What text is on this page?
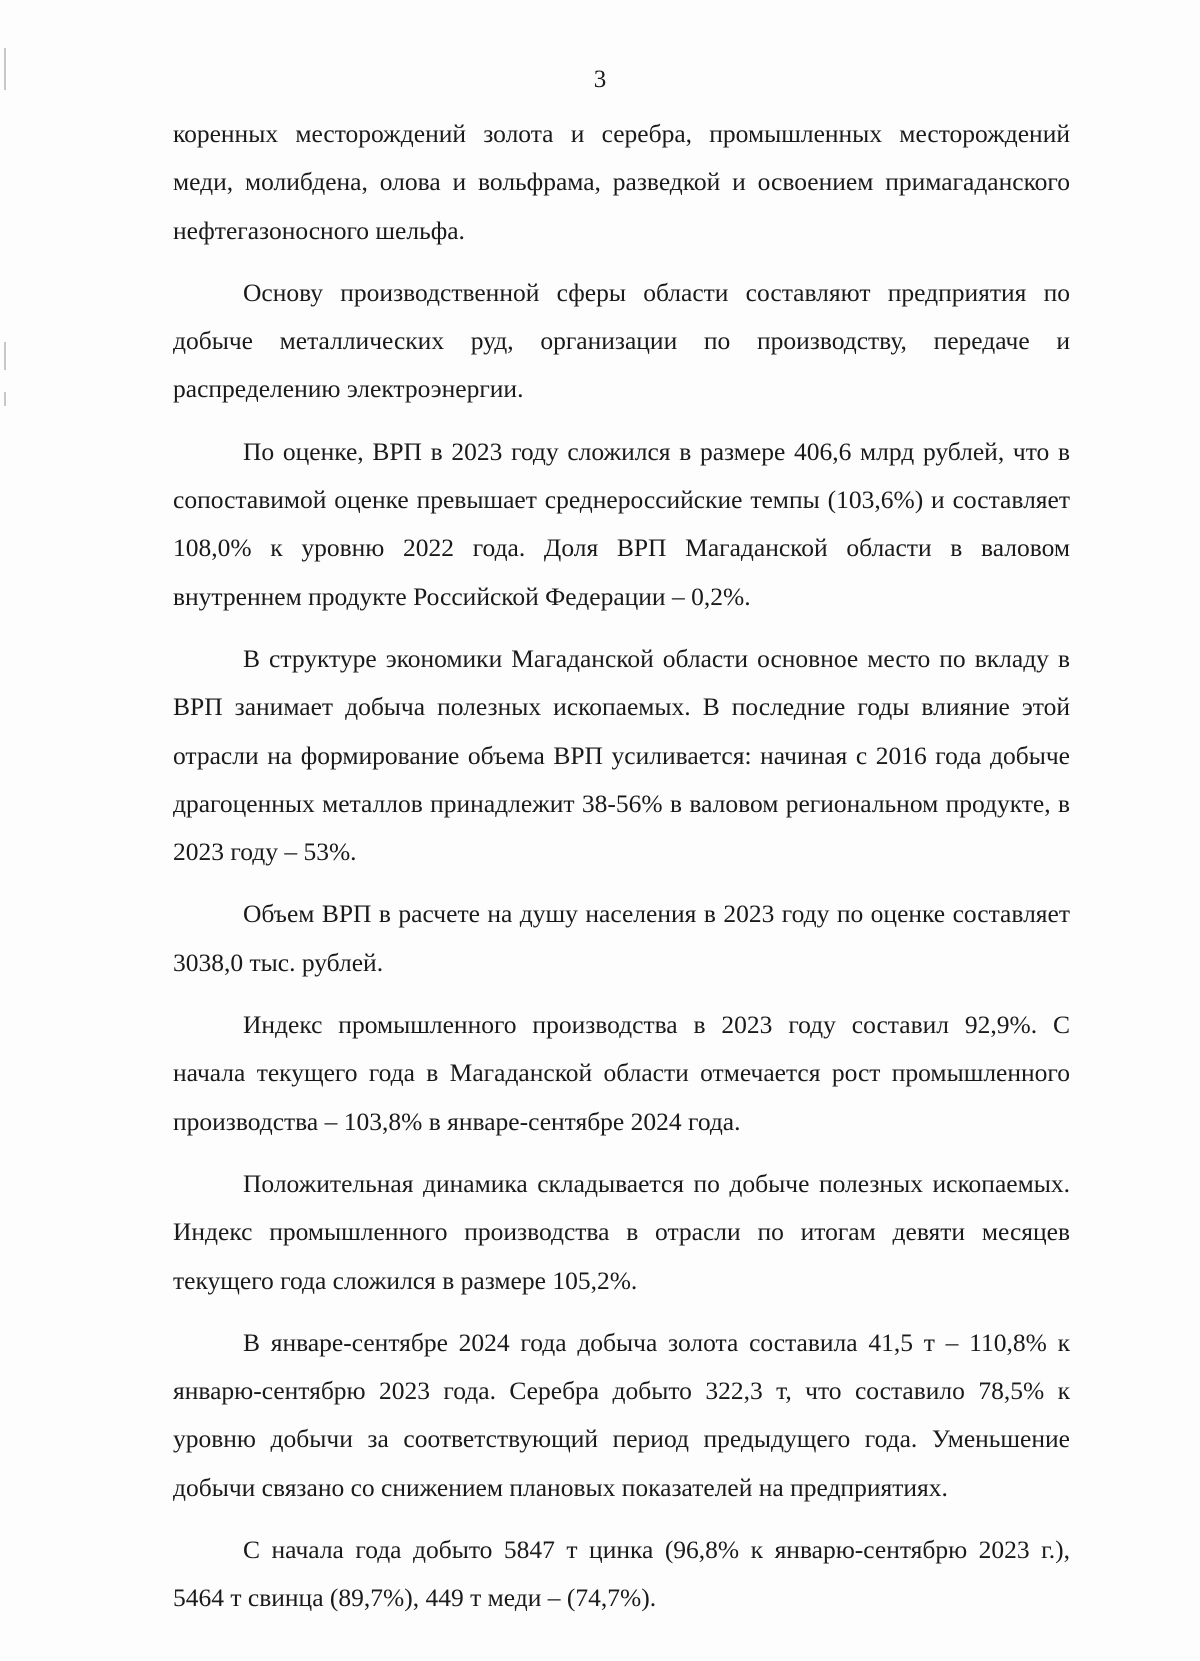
3

коренных месторождений золота и серебра, промышленных месторождений меди, молибдена, олова и вольфрама, разведкой и освоением примагаданского нефтегазоносного шельфа.

Основу производственной сферы области составляют предприятия по добыче металлических руд, организации по производству, передаче и распределению электроэнергии.

По оценке, ВРП в 2023 году сложился в размере 406,6 млрд рублей, что в сопоставимой оценке превышает среднероссийские темпы (103,6%) и составляет 108,0% к уровню 2022 года. Доля ВРП Магаданской области в валовом внутреннем продукте Российской Федерации – 0,2%.

В структуре экономики Магаданской области основное место по вкладу в ВРП занимает добыча полезных ископаемых. В последние годы влияние этой отрасли на формирование объема ВРП усиливается: начиная с 2016 года добыче драгоценных металлов принадлежит 38-56% в валовом региональном продукте, в 2023 году – 53%.

Объем ВРП в расчете на душу населения в 2023 году по оценке составляет 3038,0 тыс. рублей.

Индекс промышленного производства в 2023 году составил 92,9%. С начала текущего года в Магаданской области отмечается рост промышленного производства – 103,8% в январе-сентябре 2024 года.

Положительная динамика складывается по добыче полезных ископаемых. Индекс промышленного производства в отрасли по итогам девяти месяцев текущего года сложился в размере 105,2%.

В январе-сентябре 2024 года добыча золота составила 41,5 т – 110,8% к январю-сентябрю 2023 года. Серебра добыто 322,3 т, что составило 78,5% к уровню добычи за соответствующий период предыдущего года. Уменьшение добычи связано со снижением плановых показателей на предприятиях.

С начала года добыто 5847 т цинка (96,8% к январю-сентябрю 2023 г.), 5464 т свинца (89,7%), 449 т меди – (74,7%).
